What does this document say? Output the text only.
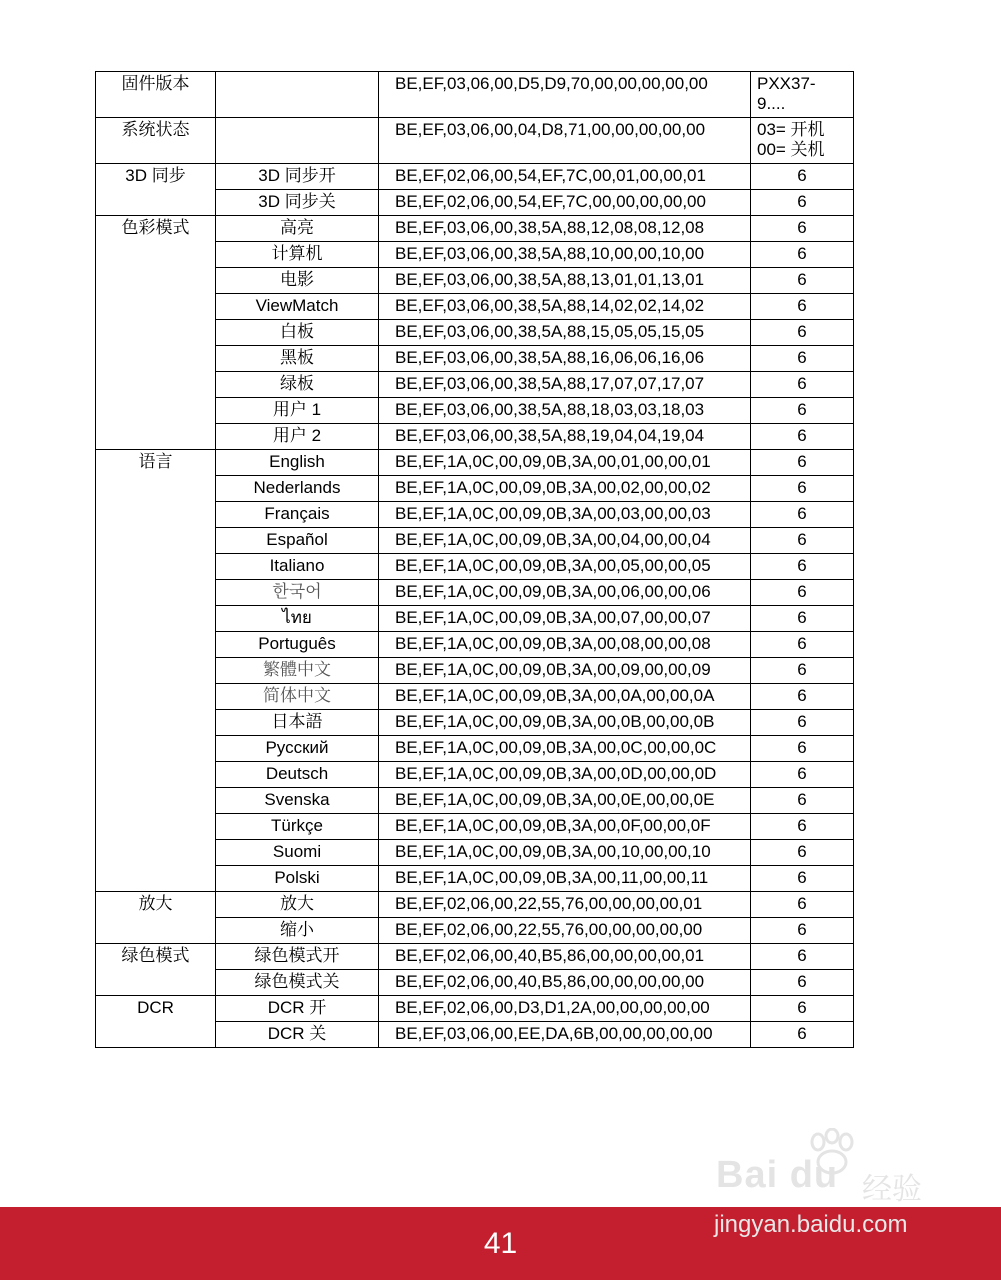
固件版本		BE,EF,03,06,00,D5,D9,70,00,00,00,00,00	PXX37-
9....
系统状态		BE,EF,03,06,00,04,D8,71,00,00,00,00,00	03= 开机
00= 关机
3D 同步	3D 同步开	BE,EF,02,06,00,54,EF,7C,00,01,00,00,01	6
	3D 同步关	BE,EF,02,06,00,54,EF,7C,00,00,00,00,00	6
色彩模式	高亮	BE,EF,03,06,00,38,5A,88,12,08,08,12,08	6
	计算机	BE,EF,03,06,00,38,5A,88,10,00,00,10,00	6
	电影	BE,EF,03,06,00,38,5A,88,13,01,01,13,01	6
	ViewMatch	BE,EF,03,06,00,38,5A,88,14,02,02,14,02	6
	白板	BE,EF,03,06,00,38,5A,88,15,05,05,15,05	6
	黑板	BE,EF,03,06,00,38,5A,88,16,06,06,16,06	6
	绿板	BE,EF,03,06,00,38,5A,88,17,07,07,17,07	6
	用户 1	BE,EF,03,06,00,38,5A,88,18,03,03,18,03	6
	用户 2	BE,EF,03,06,00,38,5A,88,19,04,04,19,04	6
语言	English	BE,EF,1A,0C,00,09,0B,3A,00,01,00,00,01	6
	Nederlands	BE,EF,1A,0C,00,09,0B,3A,00,02,00,00,02	6
	Français	BE,EF,1A,0C,00,09,0B,3A,00,03,00,00,03	6
	Español	BE,EF,1A,0C,00,09,0B,3A,00,04,00,00,04	6
	Italiano	BE,EF,1A,0C,00,09,0B,3A,00,05,00,00,05	6
	한국어	BE,EF,1A,0C,00,09,0B,3A,00,06,00,00,06	6
	ไทย	BE,EF,1A,0C,00,09,0B,3A,00,07,00,00,07	6
	Português	BE,EF,1A,0C,00,09,0B,3A,00,08,00,00,08	6
	繁體中文	BE,EF,1A,0C,00,09,0B,3A,00,09,00,00,09	6
	简体中文	BE,EF,1A,0C,00,09,0B,3A,00,0A,00,00,0A	6
	日本語	BE,EF,1A,0C,00,09,0B,3A,00,0B,00,00,0B	6
	Русский	BE,EF,1A,0C,00,09,0B,3A,00,0C,00,00,0C	6
	Deutsch	BE,EF,1A,0C,00,09,0B,3A,00,0D,00,00,0D	6
	Svenska	BE,EF,1A,0C,00,09,0B,3A,00,0E,00,00,0E	6
	Türkçe	BE,EF,1A,0C,00,09,0B,3A,00,0F,00,00,0F	6
	Suomi	BE,EF,1A,0C,00,09,0B,3A,00,10,00,00,10	6
	Polski	BE,EF,1A,0C,00,09,0B,3A,00,11,00,00,11	6
放大	放大	BE,EF,02,06,00,22,55,76,00,00,00,00,01	6
	缩小	BE,EF,02,06,00,22,55,76,00,00,00,00,00	6
绿色模式	绿色模式开	BE,EF,02,06,00,40,B5,86,00,00,00,00,01	6
	绿色模式关	BE,EF,02,06,00,40,B5,86,00,00,00,00,00	6
DCR	DCR 开	BE,EF,02,06,00,D3,D1,2A,00,00,00,00,00	6
	DCR 关	BE,EF,03,06,00,EE,DA,6B,00,00,00,00,00	6
Bai du 经验
41
jingyan.baidu.com
